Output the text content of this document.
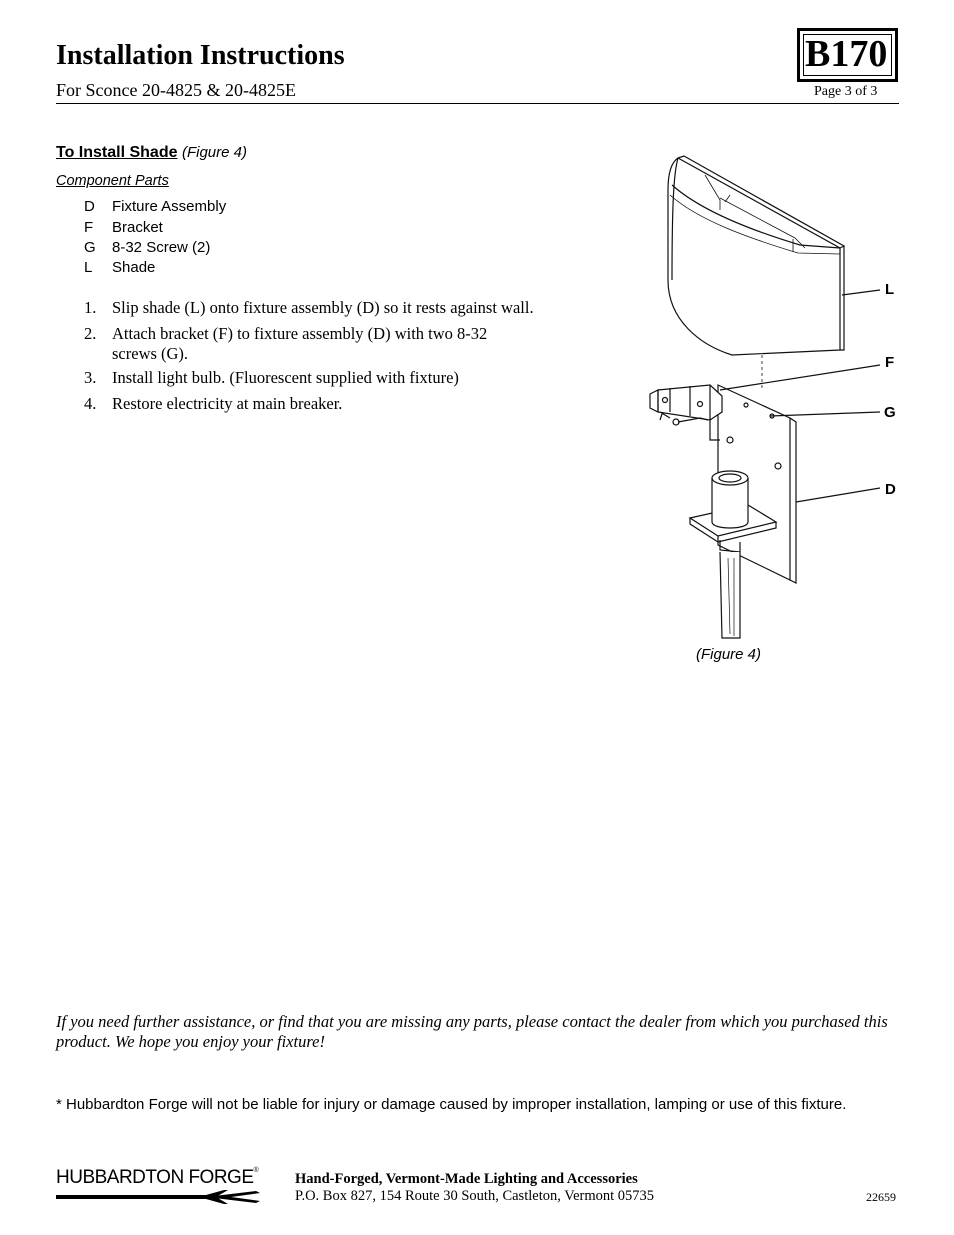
Installation Instructions
For Sconce 20-4825 & 20-4825E
B170
Page 3 of 3
To Install Shade (Figure 4)
Component Parts
D Fixture Assembly
F Bracket
G 8-32 Screw (2)
L Shade
1. Slip shade (L) onto fixture assembly (D) so it rests against wall.
2. Attach bracket (F) to fixture assembly (D) with two 8-32 screws (G).
3. Install light bulb. (Fluorescent supplied with fixture)
4. Restore electricity at main breaker.
L
F
G
D
(Figure 4)
If you need further assistance, or find that you are missing any parts, please contact the dealer from which you purchased this product. We hope you enjoy your fixture!
* Hubbardton Forge will not be liable for injury or damage caused by improper installation, lamping or use of this fixture.
HUBBARDTON FORGE®
Hand-Forged, Vermont-Made Lighting and Accessories
P.O. Box 827, 154 Route 30 South, Castleton, Vermont 05735	22659
